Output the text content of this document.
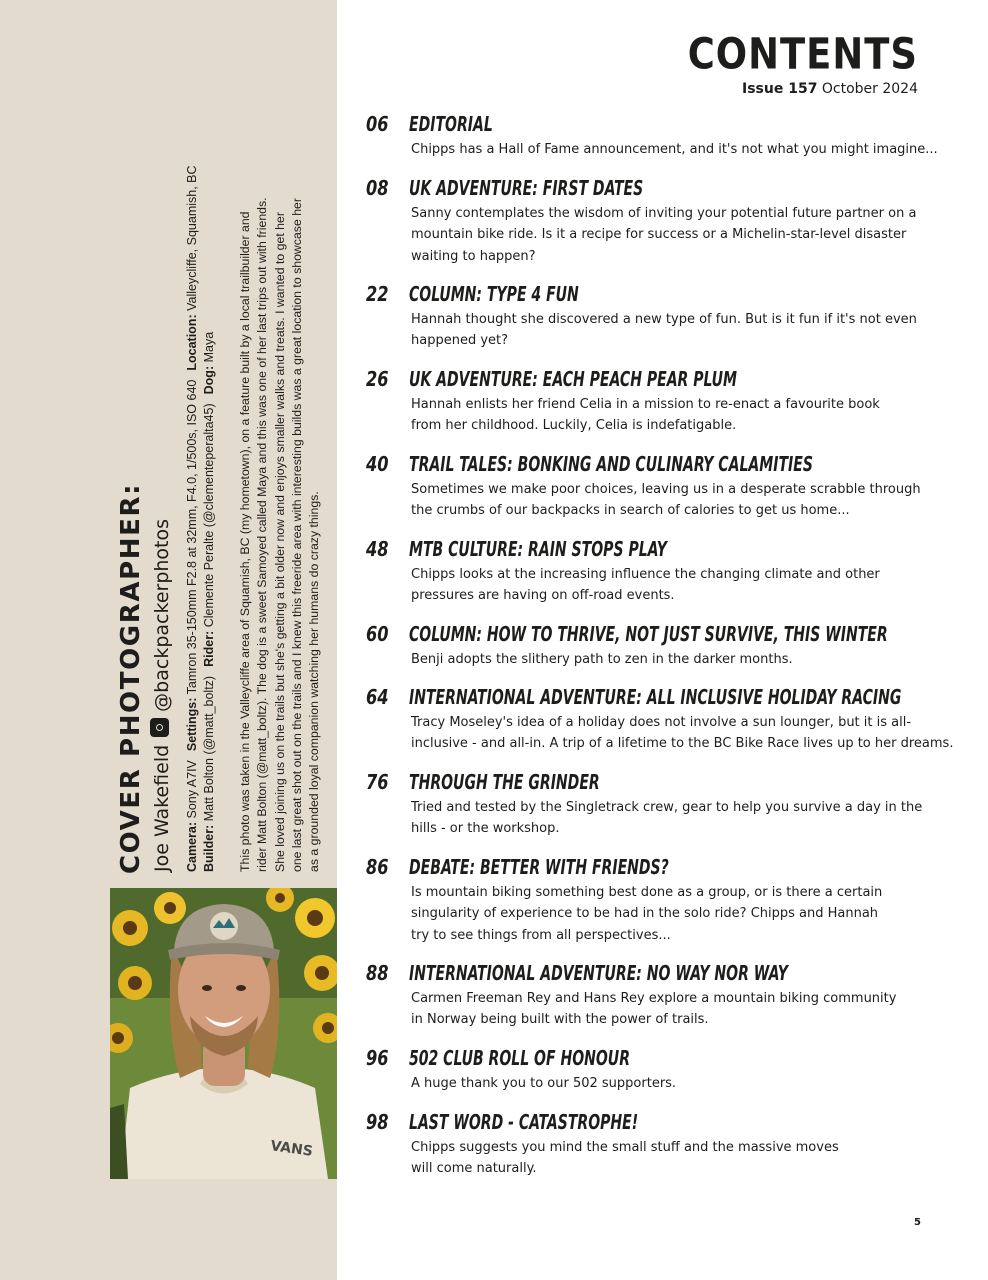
COVER PHOTOGRAPHER: Joe Wakefield@backpackerphotos
Camera: Sony A7IVSettings: Tamron 35-150mm F2.8 at 32mm, F4.0, 1/500s, ISO 640Location: Valleycliffe, Squamish, BC
Builder: Matt Bolton (@matt_boltz)Rider: Clemente Peralte (@clementeperalta45)Dog: Maya This photo was taken in the Valleycliffe area of Squamish, BC (my hometown), on a feature built by a local trailbuilder and rider Matt Bolton (@matt_boltz). The dog is a sweet Samoyed called Maya and this was one of her last trips out with friends. She loved joining us on the trails but she's getting a bit older now and enjoys smaller walks and treats. I wanted to get her one last great shot out on the trails and I knew this freeride area with interesting builds was a great location to showcase her as a grounded loyal companion watching her humans do crazy things.
VANS
CONTENTS
Issue 157 October 2024
06	EDITORIAL
Chipps has a Hall of Fame announcement, and it's not what you might imagine...
08	UK ADVENTURE: FIRST DATES
Sanny contemplates the wisdom of inviting your potential future partner on a
mountain bike ride. Is it a recipe for success or a Michelin-star-level disaster
waiting to happen?
22	COLUMN: TYPE 4 FUN
Hannah thought she discovered a new type of fun. But is it fun if it's not even
happened yet?
26	UK ADVENTURE: EACH PEACH PEAR PLUM
Hannah enlists her friend Celia in a mission to re-enact a favourite book
from her childhood. Luckily, Celia is indefatigable.
40	TRAIL TALES: BONKING AND CULINARY CALAMITIES
Sometimes we make poor choices, leaving us in a desperate scrabble through
the crumbs of our backpacks in search of calories to get us home...
48	MTB CULTURE: RAIN STOPS PLAY
Chipps looks at the increasing influence the changing climate and other
pressures are having on off-road events.
60	COLUMN: HOW TO THRIVE, NOT JUST SURVIVE, THIS WINTER
Benji adopts the slithery path to zen in the darker months.
64	INTERNATIONAL ADVENTURE: ALL INCLUSIVE HOLIDAY RACING
Tracy Moseley's idea of a holiday does not involve a sun lounger, but it is all-
inclusive - and all-in. A trip of a lifetime to the BC Bike Race lives up to her dreams.
76	THROUGH THE GRINDER
Tried and tested by the Singletrack crew, gear to help you survive a day in the
hills - or the workshop.
86	DEBATE: BETTER WITH FRIENDS?
Is mountain biking something best done as a group, or is there a certain
singularity of experience to be had in the solo ride? Chipps and Hannah
try to see things from all perspectives...
88	INTERNATIONAL ADVENTURE: NO WAY NOR WAY
Carmen Freeman Rey and Hans Rey explore a mountain biking community
in Norway being built with the power of trails.
96	502 CLUB ROLL OF HONOUR
A huge thank you to our 502 supporters.
98	LAST WORD - CATASTROPHE!
Chipps suggests you mind the small stuff and the massive moves
will come naturally.
5
